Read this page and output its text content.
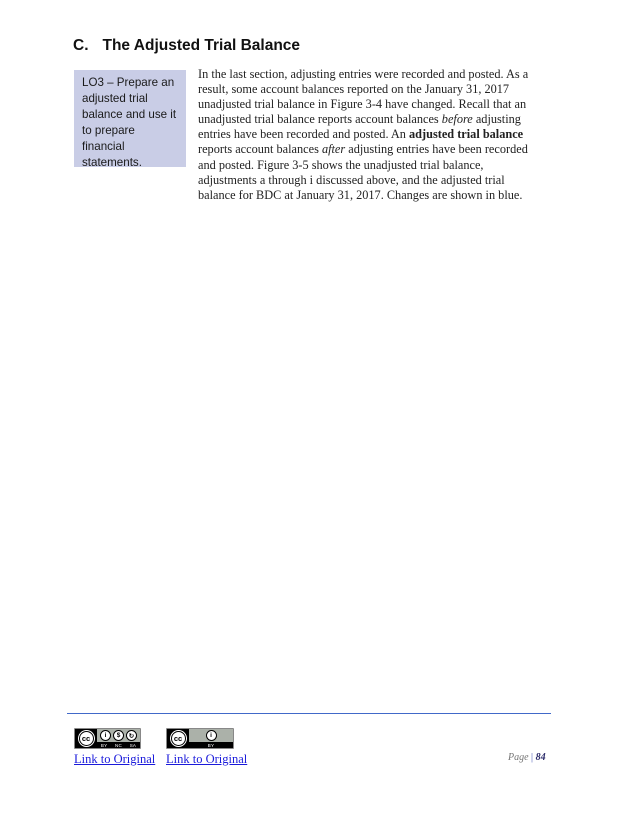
C. The Adjusted Trial Balance
LO3 – Prepare an
adjusted trial
balance and use it
to prepare
financial
statements.

In the last section, adjusting entries were recorded and posted. As a
result, some account balances reported on the January 31, 2017
unadjusted trial balance in Figure 3-4 have changed. Recall that an
unadjusted trial balance reports account balances before adjusting
entries have been recorded and posted. An adjusted trial balance
reports account balances after adjusting entries have been recorded
and posted. Figure 3-5 shows the unadjusted trial balance,
adjustments a through i discussed above, and the adjusted trial
balance for BDC at January 31, 2017. Changes are shown in blue.

cc	i	$	↻
BY NC SA
cc	i
BY
Link to Original Link to Original	Page | 84
